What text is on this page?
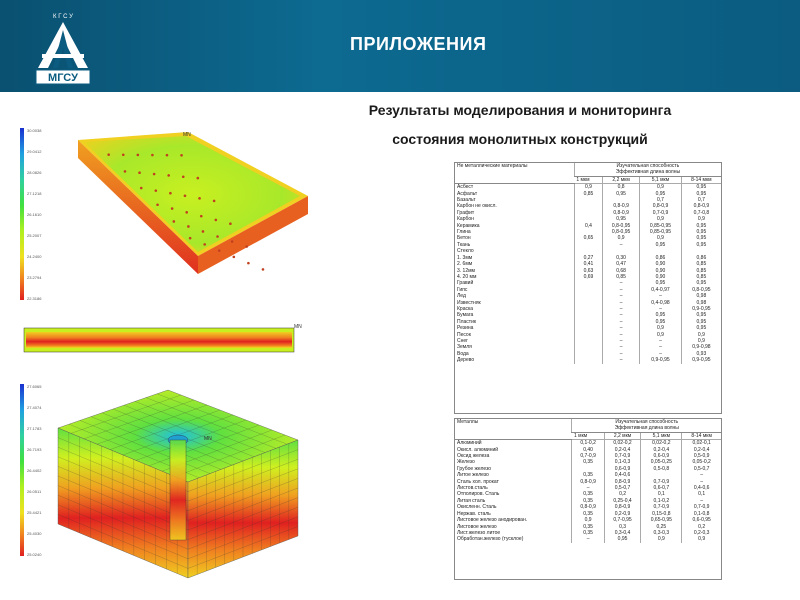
К Г С У
МГСУ
ПРИЛОЖЕНИЯ
Результаты моделирования и мониторинга
состояния монолитных конструкций
30.0038
29.0412
28.0826
27.1218
26.1610
25.2007
24.2400
23.2794
22.3186
MN
MN
27.6065
27.4074
27.1783
26.7193
26.4402
26.0511
25.4421
25.4030
25.0240
MN
Не металлические материалы	Изучательная способность
Эффективная длина волны			

	1 мкм	2,2 мкм	5,1 мкм	8-14 мкм
Асбест	0,9	0,8	0,9	0,95
Асфальт	0,85	0,95	0,95	0,95
Базальт			0,7	0,7
Карбон не окисл.		0,8-0,9	0,8-0,9	0,8-0,9
Графит		0,8-0,9	0,7-0,9	0,7-0,8
Карбон		0,95	0,9	0,9
Керамика	0,4	0,8-0,95	0,85-0,95	0,95
Глина		0,8-0,95	0,85-0,95	0,95
Бетон	0,65	0,9	0,9	0,95
Ткань		–	0,95	0,95
Стекло				
1. 3мм	0,27	0,30	0,86	0,86
2. 6мм	0,41	0,47	0,90	0,85
3. 12мм	0,63	0,68	0,90	0,85
4. 20 мм	0,69	0,85	0,90	0,85
Гравий		–	0,95	0,95
Гипс		–	0,4-0,97	0,8-0,95
Лед		–	–	0,98
Известняк		–	0,4-0,98	0,98
Краска		–	–	0,9-0,95
Бумага		–	0,95	0,95
Пластик		–	0,95	0,95
Резина		–	0,9	0,95
Песок		–	0,9	0,9
Снег		–	–	0,9
Земля		–	–	0,9-0,98
Вода		–	–	0,93
Дерево		–	0,9-0,95	0,9-0,95
Металлы	Изучательная способность
Эффективная длина волны			

	1 мкм	2,2 мкм	5,1 мкм	8-14 мкм
Алюминий	0,1-0,2	0,02-0,2	0,02-0,2	0,02-0,1
Окисл. алюминий	0,40	0,2-0,4	0,2-0,4	0,2-0,4
Оксид железа	0,7-0,9	0,7-0,9	0,6-0,9	0,5-0,9
Железо	0,35	0,1-0,3	0,05-0,25	0,05-0,2
Грубое железо		0,6-0,9	0,5-0,8	0,5-0,7
Литое железо	0,35	0,4-0,6		–
Сталь хол. прокат	0,8-0,9	0,8-0,9	0,7-0,9	–
Листов.сталь	–	0,5-0,7	0,6-0,7	0,4-0,6
Отполиров. Сталь	0,35	0,2	0,1	0,1
Литая сталь	0,35	0,25-0,4	0,1-0,2	–
Окисленн. Сталь	0,8-0,9	0,8-0,9	0,7-0,9	0,7-0,9
Нержав. сталь	0,35	0,2-0,9	0,15-0,8	0,1-0,8
Листовое железо анодирован.	0,9	0,7-0,95	0,65-0,95	0,6-0,95
Листовое железо	0,35	0,3	0,25	0,2
Лист.железо литое	0,35	0,3-0,4	0,3-0,3	0,2-0,3
Обработан.железо (тусклое)	–	0,95	0,9	0,9
